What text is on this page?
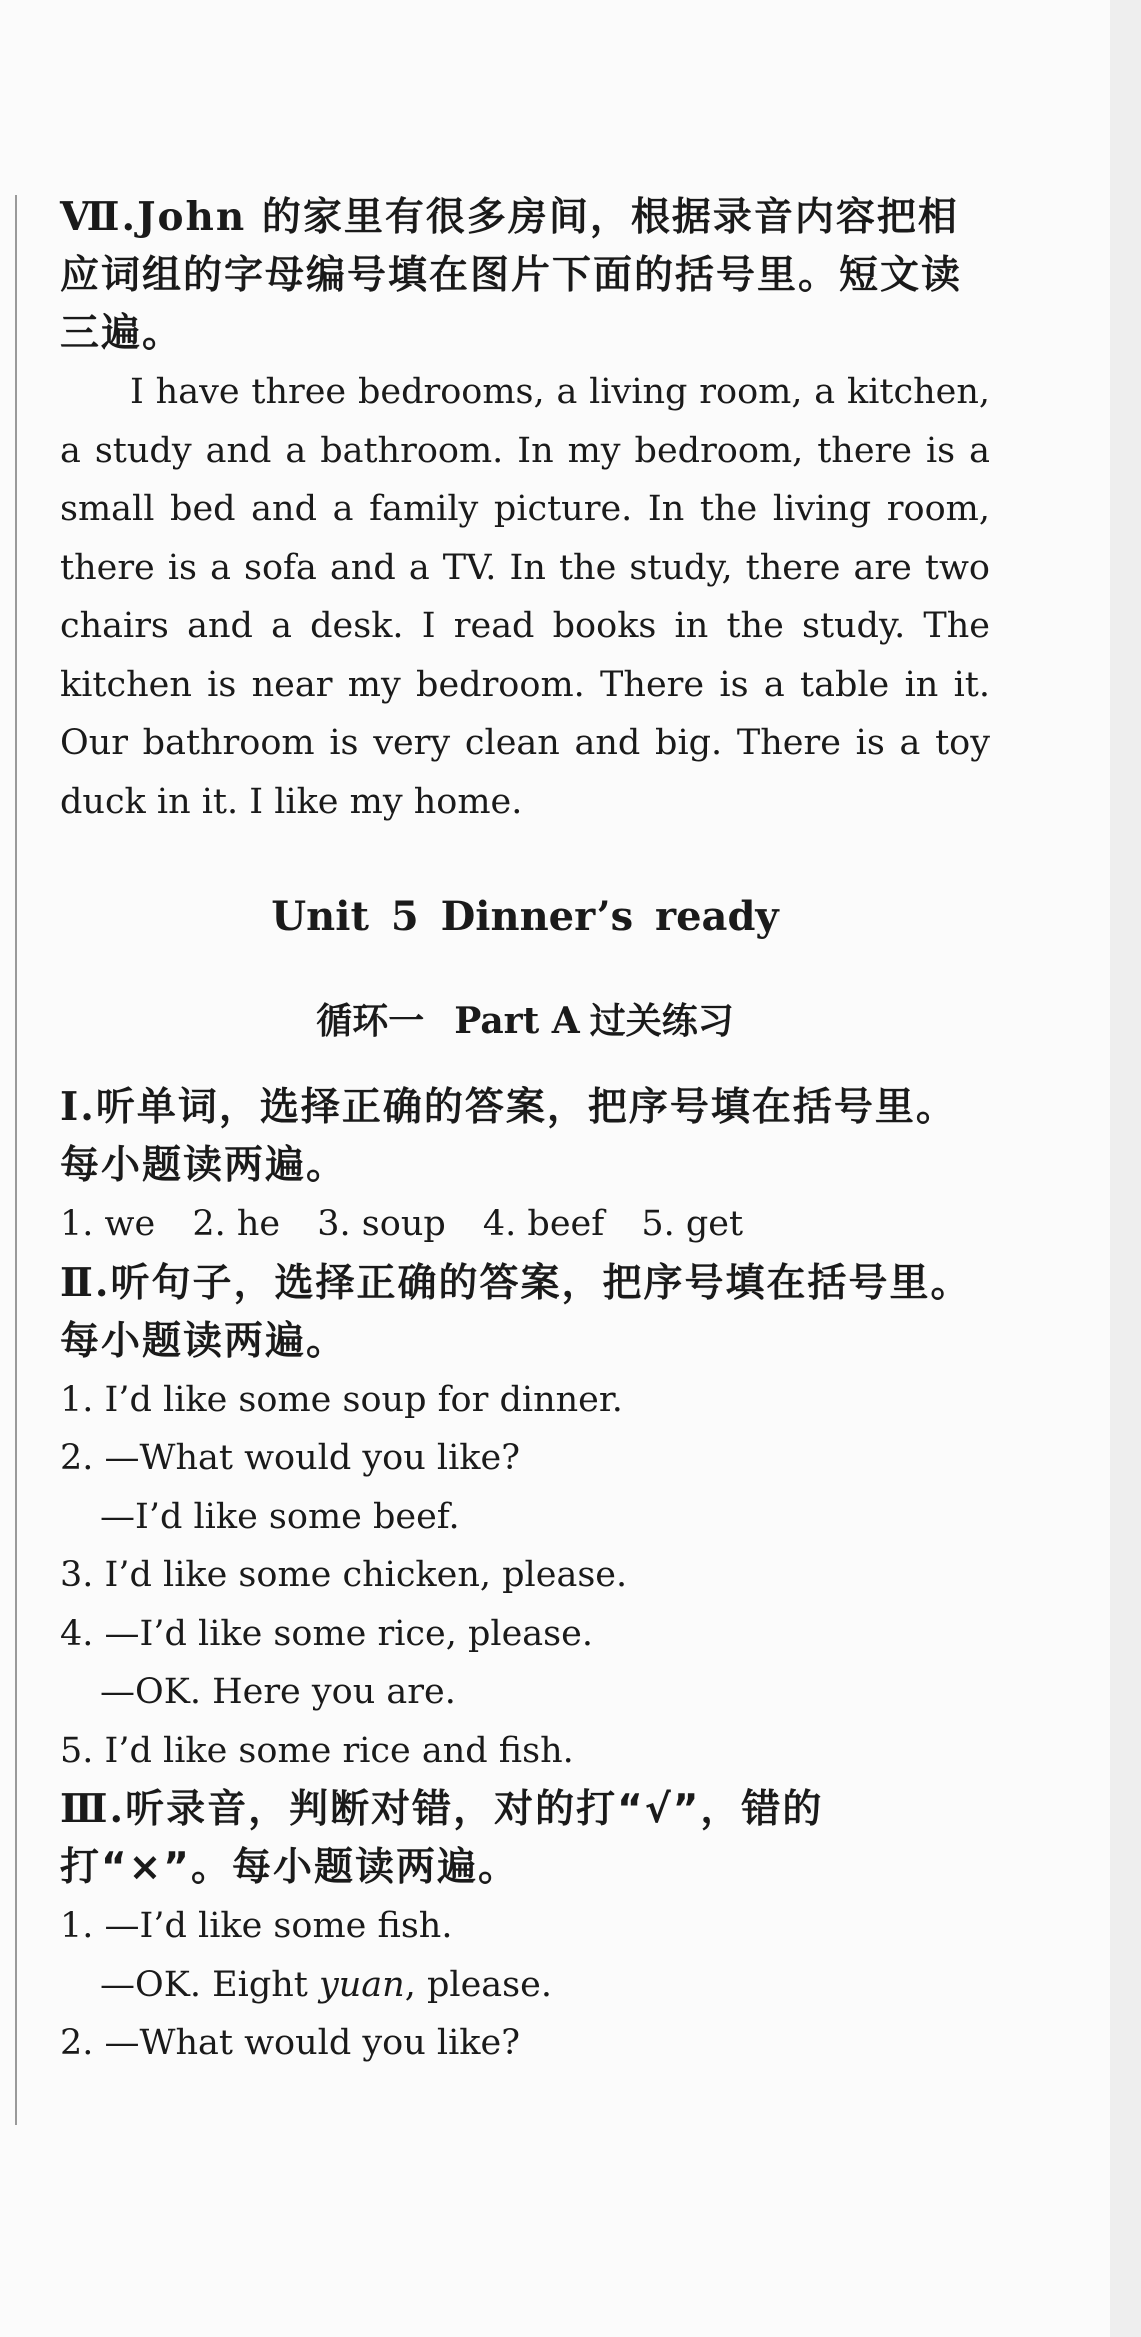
Ⅶ.John 的家里有很多房间，根据录音内容把相应词组的字母编号填在图片下面的括号里。短文读三遍。

I have three bedrooms, a living room, a kitchen, a study and a bathroom. In my bedroom, there is a small bed and a family picture. In the living room, there is a sofa and a TV. In the study, there are two chairs and a desk. I read books in the study. The kitchen is near my bedroom. There is a table in it. Our bathroom is very clean and big. There is a toy duck in it. I like my home.

Unit 5 Dinner’s ready

循环一 Part A 过关练习

Ⅰ.听单词，选择正确的答案，把序号填在括号里。每小题读两遍。

1. we 2. he 3. soup 4. beef 5. get

Ⅱ.听句子，选择正确的答案，把序号填在括号里。每小题读两遍。

1. I’d like some soup for dinner.

2. —What would you like?

—I’d like some beef.

3. I’d like some chicken, please.

4. —I’d like some rice, please.

—OK. Here you are.

5. I’d like some rice and fish.

Ⅲ.听录音，判断对错，对的打“√”，错的打“×”。每小题读两遍。

1. —I’d like some fish.

—OK. Eight yuan, please.

2. —What would you like?
